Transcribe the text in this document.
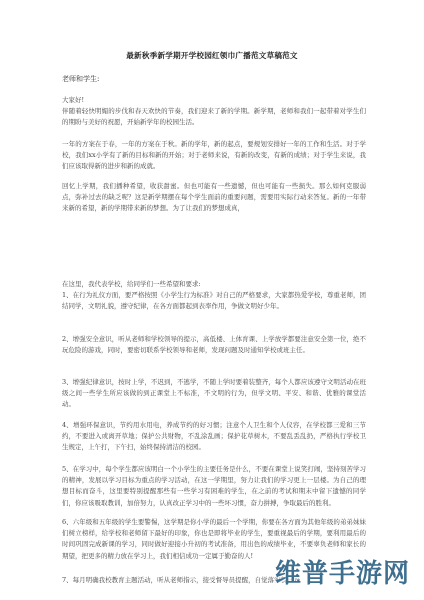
最新秋季新学期开学校园红领巾广播范文草稿范文
老师和学生:
大家好!
伴随着轻快明媚的步伐和春天欢快的节奏，我们迎来了新的学期。新学期，老师和我们一起带着对学生们的期盼与美好的祝愿，开始新学年的校园生活。
一年的方案在于春，一年的方案在于秋。新的学年，新的起点，要规划安排好一年的工作和生活。对于学校，我们xx小学有了新的目标和新的开始；对于老师来说，有新的改变，有新的成绩；对于学生来说，我们应该取得新的进步和新的成就。
回忆上学期，我们播种希望，收获甜蜜。但也可能有一些遗憾，但也可能有一些损失。那么如何克服弱点，弥补过去的缺乏呢？这是新学期摆在每个学生面前的重要问题，需要用实际行动来答复。新的一年带来新的希望，新的学期带来新的梦想。为了让我们的梦想成真，
在这里，我代表学校，给同学们一些希望和要求:
1、在行为礼仪方面，要严格按照《小学生行为标准》对自己的严格要求，大家都热爱学校，尊重老师，团结同学，文明礼貌，遵守纪律，在各方面都起到表率作用，争做文明好少年。
2、增强安全意识，听从老师和学校领导的提示，高低楼、上体育课、上学放学都要注意安全第一位，绝不玩危险的游戏，同时，要密切联系学校领导和老师，发现问题及时通知学校或班主任。
3、增强纪律意识，按时上学，不迟到，不逃学，不随上学时要着装整齐，每个人都应该遵守文明活动在班级之间一些学生所应该做的到正课堂上不标准，不文明的行为，但学文明、平安、和谐、优雅的课堂活动。
4、增强环保意识，节约用水用电，养成节约的好习惯；注意个人卫生和个人仪容，在学校都三爱和三节约，不要进入或离开草地；保护公共财物，不乱涂乱画；保护花草树木，不要乱丢乱扔，严格执行学校卫生规定，上午打，下午扫，始终保持清洁的校园。
5、在学习中，每个学生都应该明白一个小学生的主要任务是什么，不要在课堂上说笑打闹，坚持刻苦学习的精神，发展以学习目标为重点的学习活动，在这一学期里，努力让我们的学习更上一层楼。为自己的理想目标而奋斗，这里要特别提醒那些有一些学习有困难的学生，在之前的考试和期末中留下遗憾的同学们，你应该吸取教训，加倍努力，认真改正学习中的一些坏习惯，奋力拼搏，争取最后的胜利。
6、六年级和五年级的学生要警惕，这学期是你小学的最后一个学期，你要在各方面为其他年级的弟弟妹妹们树立榜样，给学校和老师留下最好的印象，你也是即将毕业的学生，要重视最后的学期，要利用最后的时间巩固完成新课的学习，同时做好迎接小升初的考试准备，用出色的成绩毕业，不要辜负老师和家长的期望，把更多的精力放在学习上，我们相信成功一定属于勤奋的人!
7、每月明确我校教育主题活动，听从老师指示，接受督导员提醒，自觉落实新三好
维普手游网
